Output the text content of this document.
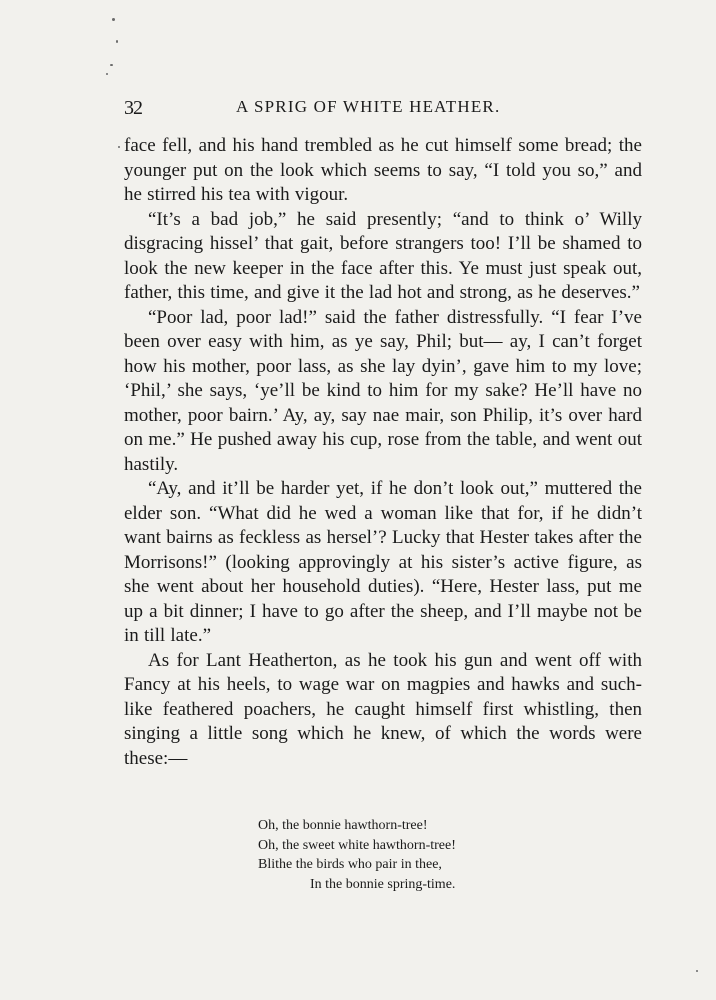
32	A SPRIG OF WHITE HEATHER.

face fell, and his hand trembled as he cut himself some bread; the younger put on the look which seems to say, “I told you so,” and he stirred his tea with vigour.

“It’s a bad job,” he said presently; “and to think o’ Willy disgracing hissel’ that gait, before strangers too! I’ll be shamed to look the new keeper in the face after this. Ye must just speak out, father, this time, and give it the lad hot and strong, as he deserves.”

“Poor lad, poor lad!” said the father distressfully. “I fear I’ve been over easy with him, as ye say, Phil; but— ay, I can’t forget how his mother, poor lass, as she lay dyin’, gave him to my love; ‘Phil,’ she says, ‘ye’ll be kind to him for my sake? He’ll have no mother, poor bairn.’ Ay, ay, say nae mair, son Philip, it’s over hard on me.” He pushed away his cup, rose from the table, and went out hastily.

“Ay, and it’ll be harder yet, if he don’t look out,” muttered the elder son. “What did he wed a woman like that for, if he didn’t want bairns as feckless as hersel’? Lucky that Hester takes after the Morrisons!” (looking approvingly at his sister’s active figure, as she went about her household duties). “Here, Hester lass, put me up a bit dinner; I have to go after the sheep, and I’ll maybe not be in till late.”

As for Lant Heatherton, as he took his gun and went off with Fancy at his heels, to wage war on magpies and hawks and such-like feathered poachers, he caught himself first whistling, then singing a little song which he knew, of which the words were these:—

Oh, the bonnie hawthorn-tree!
Oh, the sweet white hawthorn-tree!
Blithe the birds who pair in thee,
In the bonnie spring-time.
